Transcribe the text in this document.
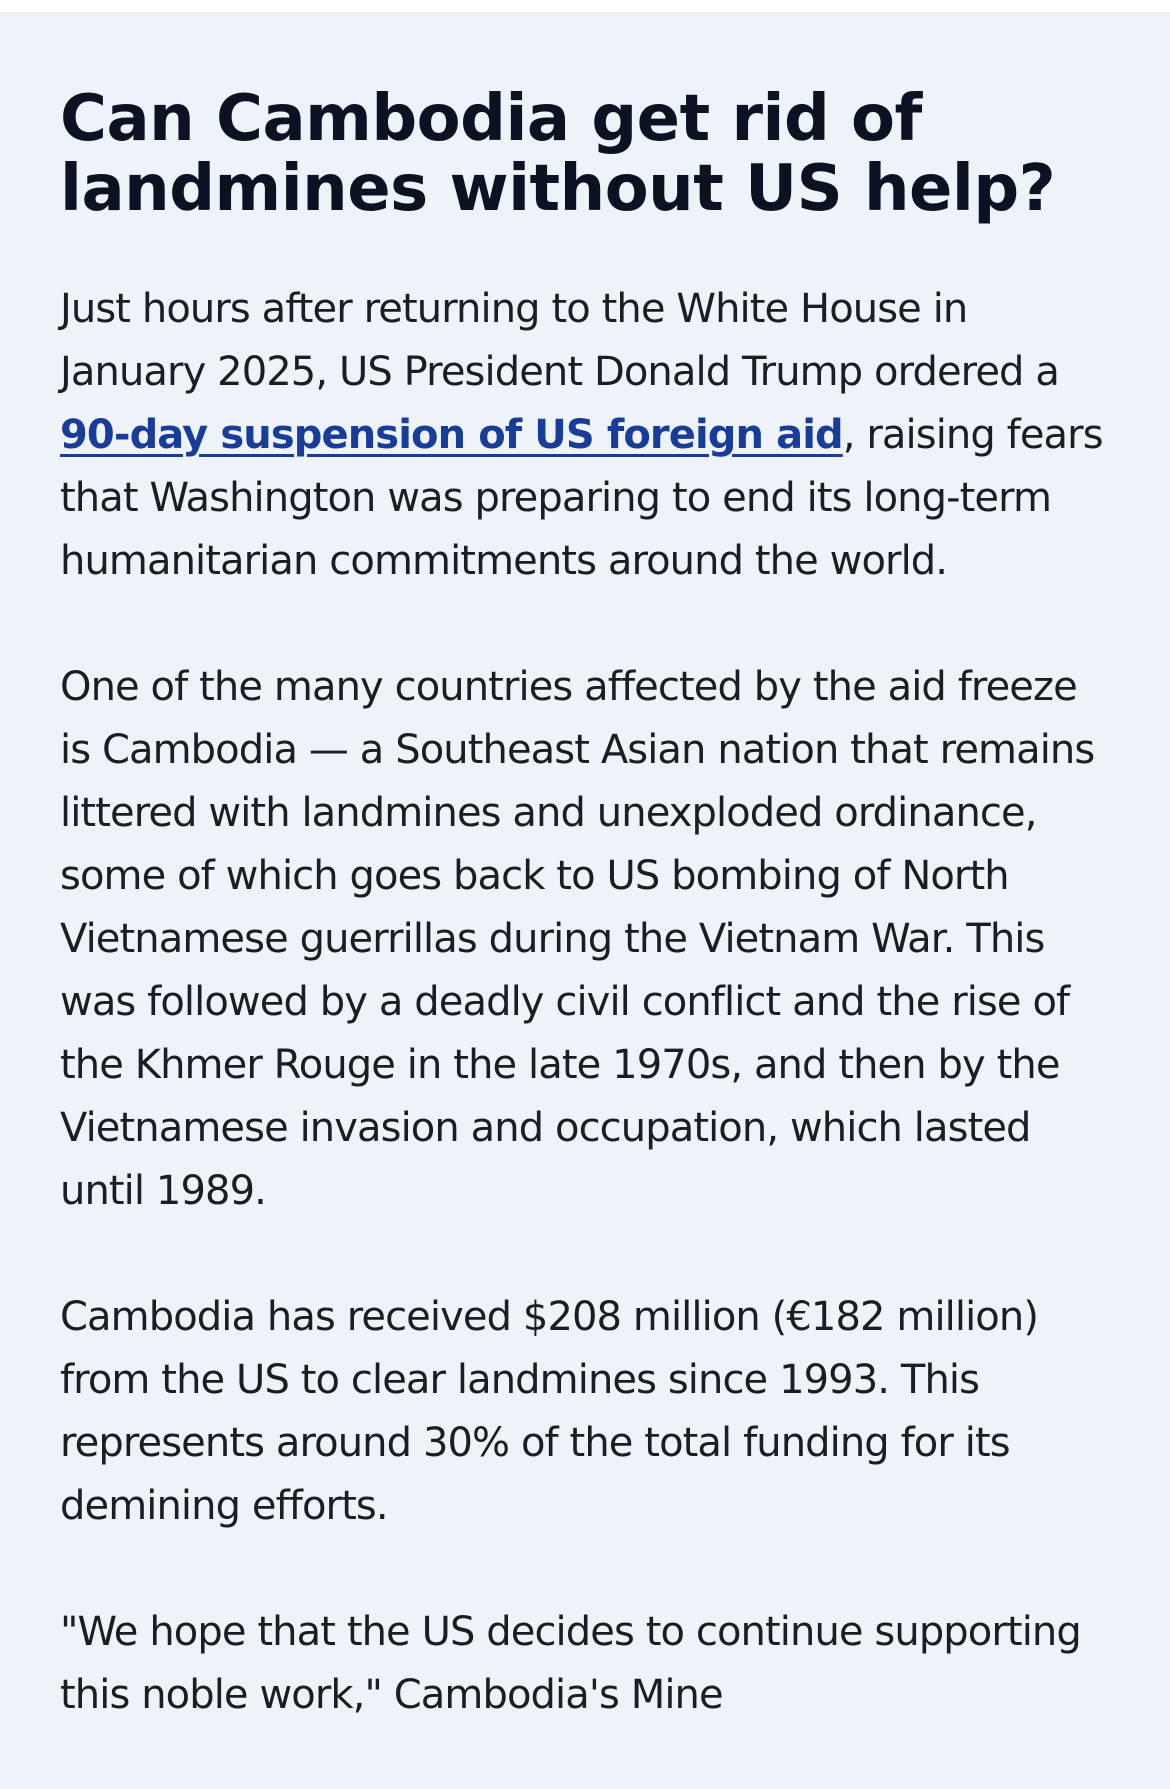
Can Cambodia get rid of landmines without US help?

Just hours after returning to the White House in January 2025, US President Donald Trump ordered a 90-day suspension of US foreign aid, raising fears that Washington was preparing to end its long-term humanitarian commitments around the world.

One of the many countries affected by the aid freeze is Cambodia — a Southeast Asian nation that remains littered with landmines and unexploded ordinance, some of which goes back to US bombing of North Vietnamese guerrillas during the Vietnam War. This was followed by a deadly civil conflict and the rise of the Khmer Rouge in the late 1970s, and then by the Vietnamese invasion and occupation, which lasted until 1989.

Cambodia has received $208 million (€182 million) from the US to clear landmines since 1993. This represents around 30% of the total funding for its demining efforts.

"We hope that the US decides to continue supporting this noble work," Cambodia's Mine
